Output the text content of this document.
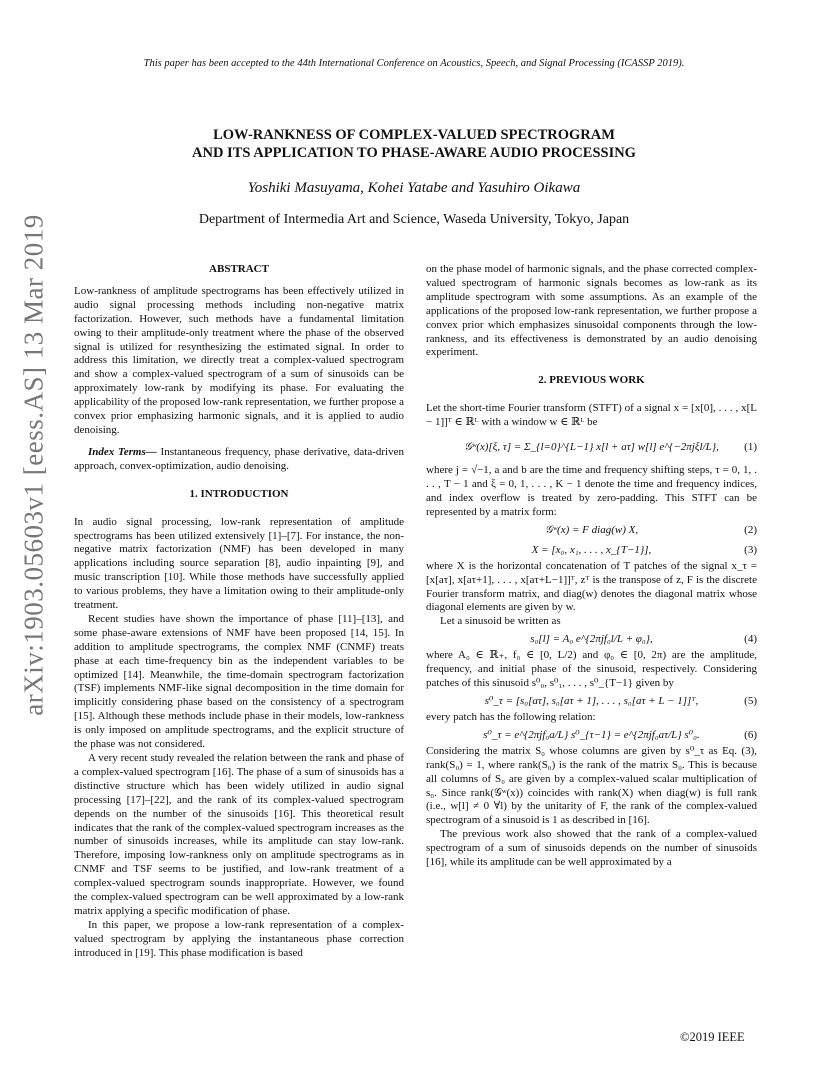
This paper has been accepted to the 44th International Conference on Acoustics, Speech, and Signal Processing (ICASSP 2019).
arXiv:1903.05603v1 [eess.AS] 13 Mar 2019
LOW-RANKNESS OF COMPLEX-VALUED SPECTROGRAM
AND ITS APPLICATION TO PHASE-AWARE AUDIO PROCESSING
Yoshiki Masuyama, Kohei Yatabe and Yasuhiro Oikawa
Department of Intermedia Art and Science, Waseda University, Tokyo, Japan
ABSTRACT

Low-rankness of amplitude spectrograms has been effectively utilized in audio signal processing methods including non-negative matrix factorization. However, such methods have a fundamental limitation owing to their amplitude-only treatment where the phase of the observed signal is utilized for resynthesizing the estimated signal. In order to address this limitation, we directly treat a complex-valued spectrogram and show a complex-valued spectrogram of a sum of sinusoids can be approximately low-rank by modifying its phase. For evaluating the applicability of the proposed low-rank representation, we further propose a convex prior emphasizing harmonic signals, and it is applied to audio denoising.

Index Terms— Instantaneous frequency, phase derivative, data-driven approach, convex-optimization, audio denoising.

1. INTRODUCTION

In audio signal processing, low-rank representation of amplitude spectrograms has been utilized extensively [1]–[7]. For instance, the non-negative matrix factorization (NMF) has been developed in many applications including source separation [8], audio inpainting [9], and music transcription [10]. While those methods have successfully applied to various problems, they have a limitation owing to their amplitude-only treatment.

Recent studies have shown the importance of phase [11]–[13], and some phase-aware extensions of NMF have been proposed [14, 15]. In addition to amplitude spectrograms, the complex NMF (CNMF) treats phase at each time-frequency bin as the independent variables to be optimized [14]. Meanwhile, the time-domain spectrogram factorization (TSF) implements NMF-like signal decomposition in the time domain for implicitly considering phase based on the consistency of a spectrogram [15]. Although these methods include phase in their models, low-rankness is only imposed on amplitude spectrograms, and the explicit structure of the phase was not considered.

A very recent study revealed the relation between the rank and phase of a complex-valued spectrogram [16]. The phase of a sum of sinusoids has a distinctive structure which has been widely utilized in audio signal processing [17]–[22], and the rank of its complex-valued spectrogram depends on the number of the sinusoids [16]. This theoretical result indicates that the rank of the complex-valued spectrogram increases as the number of sinusoids increases, while its amplitude can stay low-rank. Therefore, imposing low-rankness only on amplitude spectrograms as in CNMF and TSF seems to be justified, and low-rank treatment of a complex-valued spectrogram sounds inappropriate. However, we found the complex-valued spectrogram can be well approximated by a low-rank matrix applying a specific modification of phase.

In this paper, we propose a low-rank representation of a complex-valued spectrogram by applying the instantaneous phase correction introduced in [19]. This phase modification is based

on the phase model of harmonic signals, and the phase corrected complex-valued spectrogram of harmonic signals becomes as low-rank as its amplitude spectrogram with some assumptions. As an example of the applications of the proposed low-rank representation, we further propose a convex prior which emphasizes sinusoidal components through the low-rankness, and its effectiveness is demonstrated by an audio denoising experiment.

2. PREVIOUS WORK

Let the short-time Fourier transform (STFT) of a signal x = [x[0], . . . , x[L − 1]]ᵀ ∈ ℝᴸ with a window w ∈ ℝᴸ be

𝒢ʷ(x)[ξ, τ] = Σ_{l=0}^{L−1} x[l + aτ] w[l] e^{−2πjξl/L}, (1)

where j = √−1, a and b are the time and frequency shifting steps, τ = 0, 1, . . . , T − 1 and ξ = 0, 1, . . . , K − 1 denote the time and frequency indices, and index overflow is treated by zero-padding. This STFT can be represented by a matrix form:

𝒢ʷ(x) = F diag(w) X,	(2)
X = [x₀, x₁, . . . , x_{T−1}],	(3)

where X is the horizontal concatenation of T patches of the signal x_τ = [x[aτ], x[aτ+1], . . . , x[aτ+L−1]]ᵀ, zᵀ is the transpose of z, F is the discrete Fourier transform matrix, and diag(w) denotes the diagonal matrix whose diagonal elements are given by w.

Let a sinusoid be written as

s₀[l] = A₀ e^{2πjf₀l/L + φ₀},	(4)

where A₀ ∈ ℝ₊, f₀ ∈ [0, L/2) and φ₀ ∈ [0, 2π) are the amplitude, frequency, and initial phase of the sinusoid, respectively. Considering patches of this sinusoid s⁰₀, s⁰₁, . . . , s⁰_{T−1} given by

s⁰_τ = [s₀[aτ], s₀[aτ + 1], . . . , s₀[aτ + L − 1]]ᵀ,	(5)

every patch has the following relation:

s⁰_τ = e^{2πjf₀a/L} s⁰_{τ−1} = e^{2πjf₀aτ/L} s⁰₀.	(6)

Considering the matrix S₀ whose columns are given by s⁰_τ as Eq. (3), rank(S₀) = 1, where rank(S₀) is the rank of the matrix S₀. This is because all columns of S₀ are given by a complex-valued scalar multiplication of s₀. Since rank(𝒢ʷ(x)) coincides with rank(X) when diag(w) is full rank (i.e., w[l] ≠ 0 ∀l) by the unitarity of F, the rank of the complex-valued spectrogram of a sinusoid is 1 as described in [16].

The previous work also showed that the rank of a complex-valued spectrogram of a sum of sinusoids depends on the number of sinusoids [16], while its amplitude can be well approximated by a

©2019 IEEE
